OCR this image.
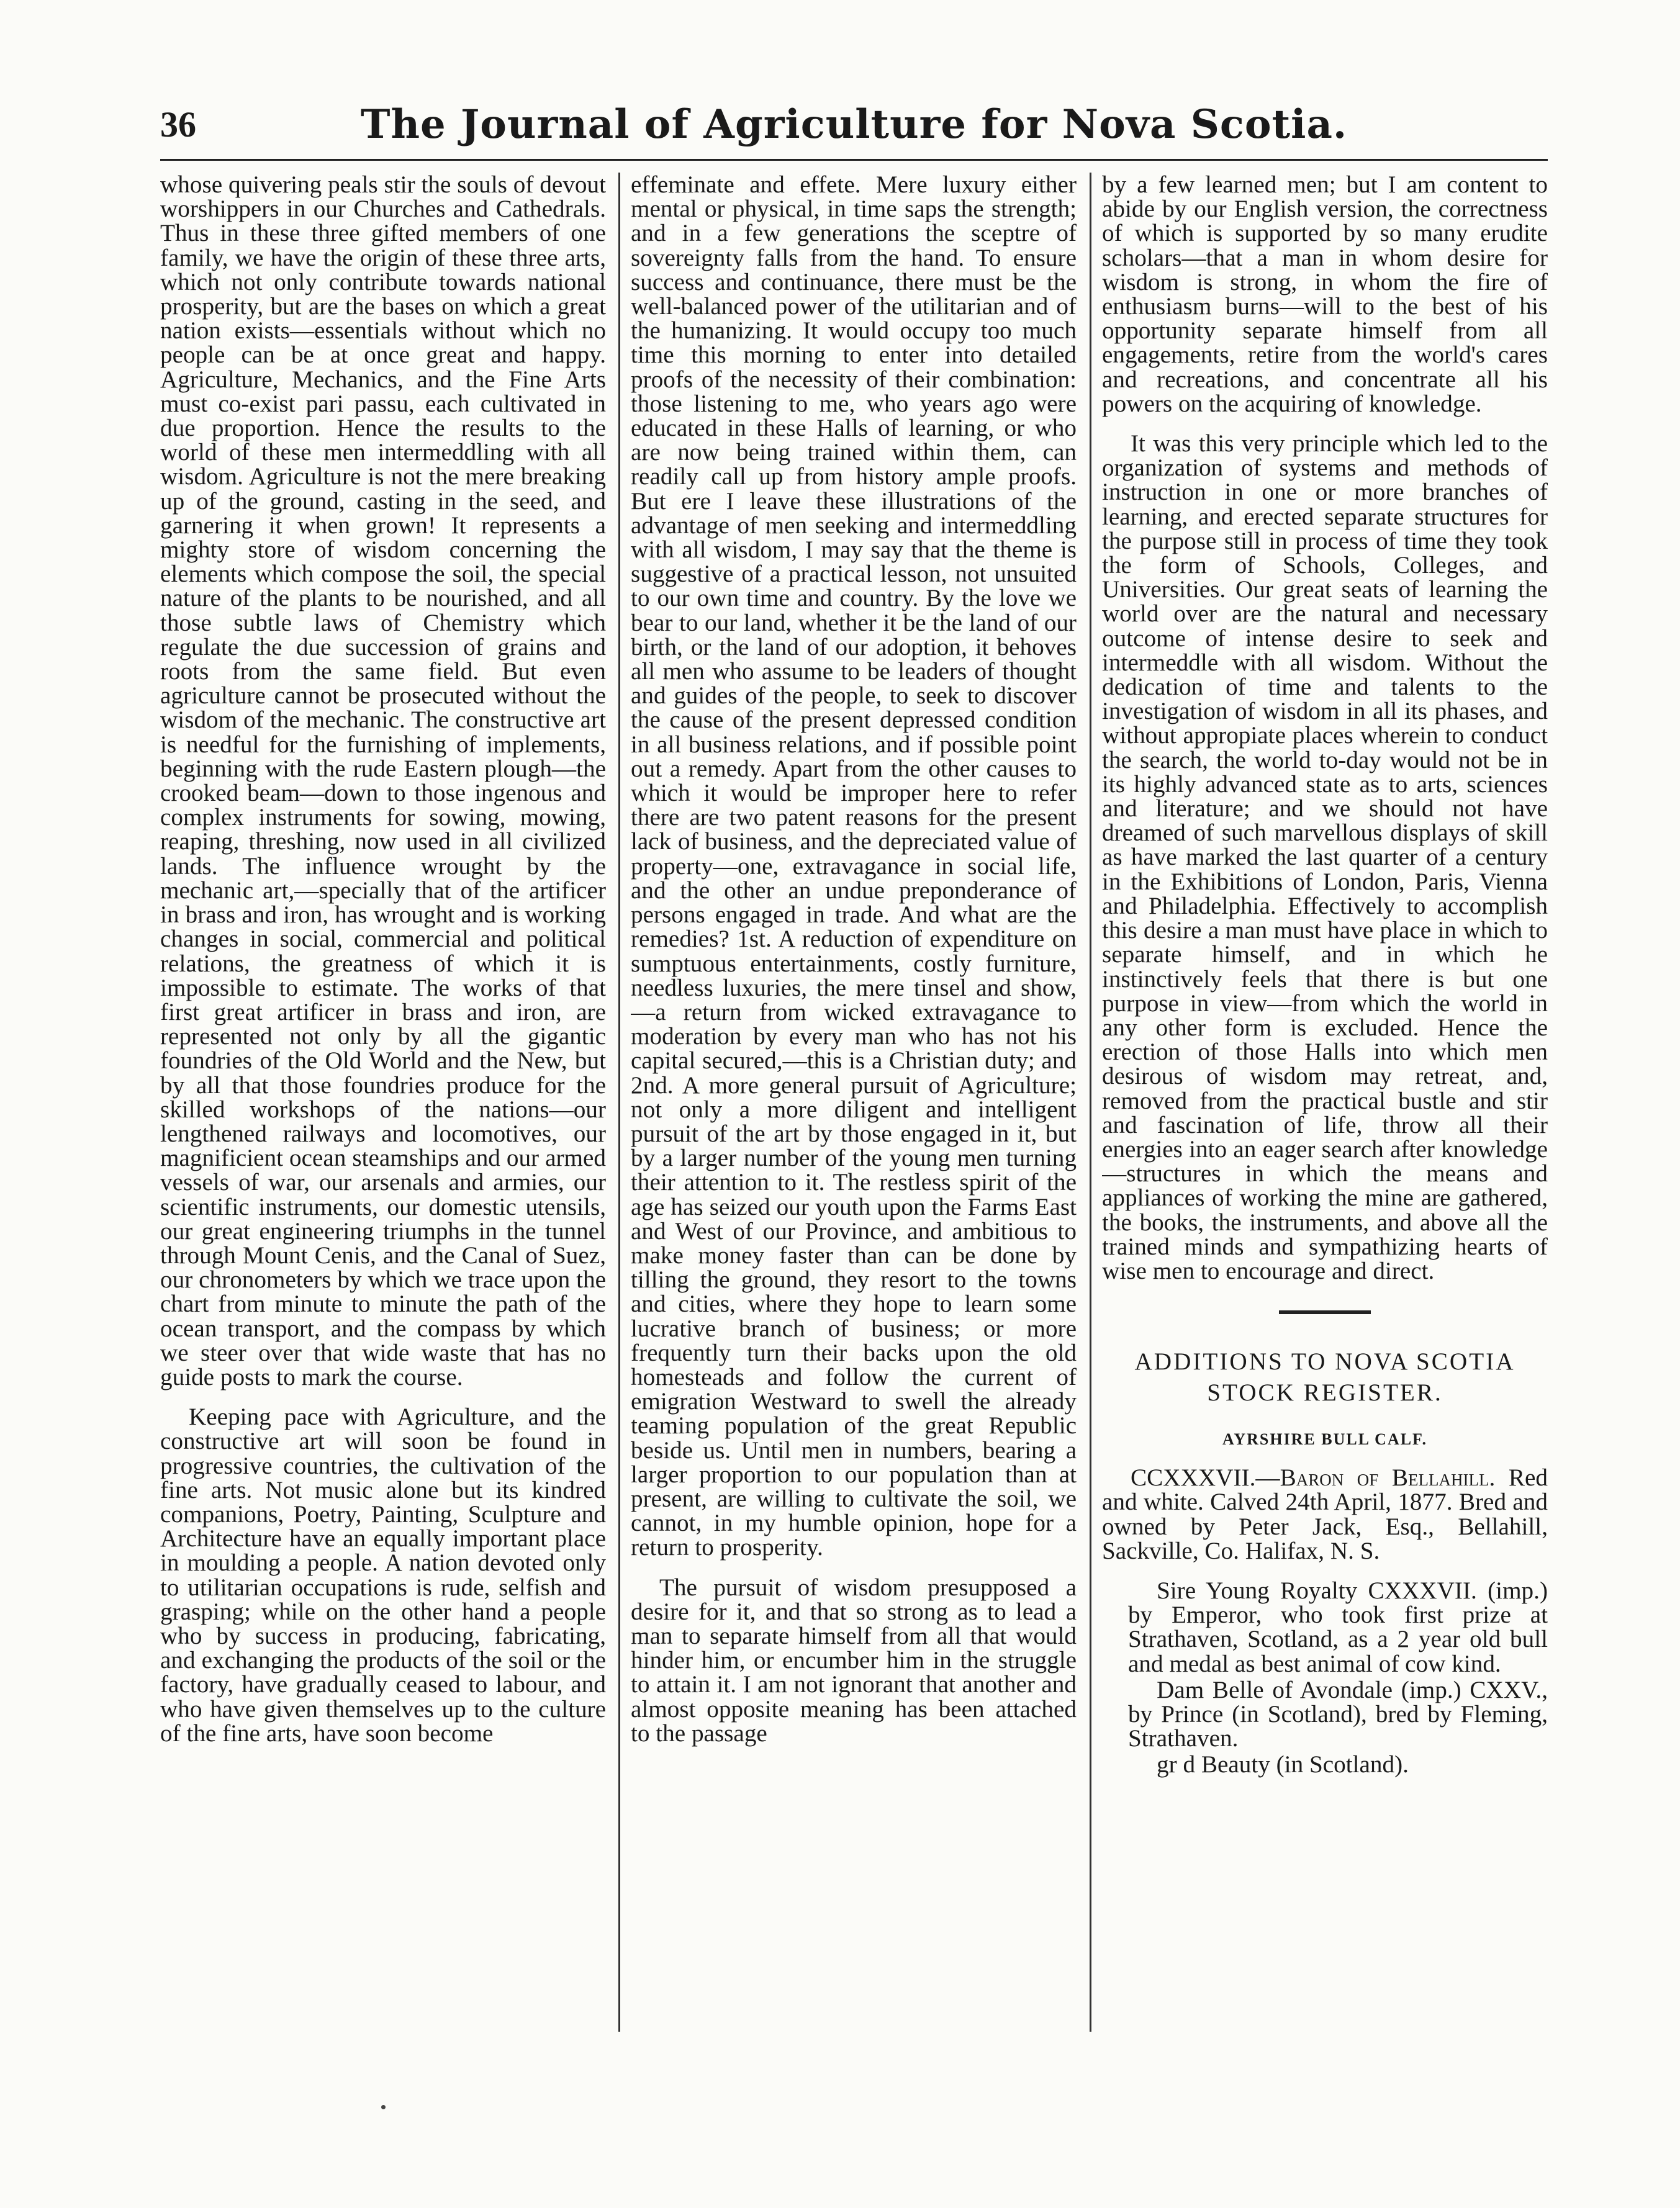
36	The Journal of Agriculture for Nova Scotia.

whose quivering peals stir the souls of devout worshippers in our Churches and Cathedrals. Thus in these three gifted members of one family, we have the origin of these three arts, which not only contribute towards national prosperity, but are the bases on which a great nation exists—essentials without which no people can be at once great and happy. Agriculture, Mechanics, and the Fine Arts must co-exist pari passu, each cultivated in due proportion. Hence the results to the world of these men intermeddling with all wisdom. Agriculture is not the mere breaking up of the ground, casting in the seed, and garnering it when grown! It represents a mighty store of wisdom concerning the elements which compose the soil, the special nature of the plants to be nourished, and all those subtle laws of Chemistry which regulate the due succession of grains and roots from the same field. But even agriculture cannot be prosecuted without the wisdom of the mechanic. The constructive art is needful for the furnishing of implements, beginning with the rude Eastern plough—the crooked beam—down to those ingenous and complex instruments for sowing, mowing, reaping, threshing, now used in all civilized lands. The influence wrought by the mechanic art,—specially that of the artificer in brass and iron, has wrought and is working changes in social, commercial and political relations, the greatness of which it is impossible to estimate. The works of that first great artificer in brass and iron, are represented not only by all the gigantic foundries of the Old World and the New, but by all that those foundries produce for the skilled workshops of the nations—our lengthened railways and locomotives, our magnificient ocean steamships and our armed vessels of war, our arsenals and armies, our scientific instruments, our domestic utensils, our great engineering triumphs in the tunnel through Mount Cenis, and the Canal of Suez, our chronometers by which we trace upon the chart from minute to minute the path of the ocean transport, and the compass by which we steer over that wide waste that has no guide posts to mark the course.

Keeping pace with Agriculture, and the constructive art will soon be found in progressive countries, the cultivation of the fine arts. Not music alone but its kindred companions, Poetry, Painting, Sculpture and Architecture have an equally important place in moulding a people. A nation devoted only to utilitarian occupations is rude, selfish and grasping; while on the other hand a people who by success in producing, fabricating, and exchanging the products of the soil or the factory, have gradually ceased to labour, and who have given themselves up to the culture of the fine arts, have soon become

effeminate and effete. Mere luxury either mental or physical, in time saps the strength; and in a few generations the sceptre of sovereignty falls from the hand. To ensure success and continuance, there must be the well-balanced power of the utilitarian and of the humanizing. It would occupy too much time this morning to enter into detailed proofs of the necessity of their combination: those listening to me, who years ago were educated in these Halls of learning, or who are now being trained within them, can readily call up from history ample proofs. But ere I leave these illustrations of the advantage of men seeking and intermeddling with all wisdom, I may say that the theme is suggestive of a practical lesson, not unsuited to our own time and country. By the love we bear to our land, whether it be the land of our birth, or the land of our adoption, it behoves all men who assume to be leaders of thought and guides of the people, to seek to discover the cause of the present depressed condition in all business relations, and if possible point out a remedy. Apart from the other causes to which it would be improper here to refer there are two patent reasons for the present lack of business, and the depreciated value of property—one, extravagance in social life, and the other an undue preponderance of persons engaged in trade. And what are the remedies? 1st. A reduction of expenditure on sumptuous entertainments, costly furniture, needless luxuries, the mere tinsel and show,—a return from wicked extravagance to moderation by every man who has not his capital secured,—this is a Christian duty; and 2nd. A more general pursuit of Agriculture; not only a more diligent and intelligent pursuit of the art by those engaged in it, but by a larger number of the young men turning their attention to it. The restless spirit of the age has seized our youth upon the Farms East and West of our Province, and ambitious to make money faster than can be done by tilling the ground, they resort to the towns and cities, where they hope to learn some lucrative branch of business; or more frequently turn their backs upon the old homesteads and follow the current of emigration Westward to swell the already teaming population of the great Republic beside us. Until men in numbers, bearing a larger proportion to our population than at present, are willing to cultivate the soil, we cannot, in my humble opinion, hope for a return to prosperity.

The pursuit of wisdom presupposed a desire for it, and that so strong as to lead a man to separate himself from all that would hinder him, or encumber him in the struggle to attain it. I am not ignorant that another and almost opposite meaning has been attached to the passage

by a few learned men; but I am content to abide by our English version, the correctness of which is supported by so many erudite scholars—that a man in whom desire for wisdom is strong, in whom the fire of enthusiasm burns—will to the best of his opportunity separate himself from all engagements, retire from the world's cares and recreations, and concentrate all his powers on the acquiring of knowledge.

It was this very principle which led to the organization of systems and methods of instruction in one or more branches of learning, and erected separate structures for the purpose still in process of time they took the form of Schools, Colleges, and Universities. Our great seats of learning the world over are the natural and necessary outcome of intense desire to seek and intermeddle with all wisdom. Without the dedication of time and talents to the investigation of wisdom in all its phases, and without appropiate places wherein to conduct the search, the world to-day would not be in its highly advanced state as to arts, sciences and literature; and we should not have dreamed of such marvellous displays of skill as have marked the last quarter of a century in the Exhibitions of London, Paris, Vienna and Philadelphia. Effectively to accomplish this desire a man must have place in which to separate himself, and in which he instinctively feels that there is but one purpose in view—from which the world in any other form is excluded. Hence the erection of those Halls into which men desirous of wisdom may retreat, and, removed from the practical bustle and stir and fascination of life, throw all their energies into an eager search after knowledge—structures in which the means and appliances of working the mine are gathered, the books, the instruments, and above all the trained minds and sympathizing hearts of wise men to encourage and direct.

ADDITIONS TO NOVA SCOTIA STOCK REGISTER.
AYRSHIRE BULL CALF.

CCXXXVII.—Baron of Bellahill. Red and white. Calved 24th April, 1877. Bred and owned by Peter Jack, Esq., Bellahill, Sackville, Co. Halifax, N. S.

Sire Young Royalty CXXXVII. (imp.) by Emperor, who took first prize at Strathaven, Scotland, as a 2 year old bull and medal as best animal of cow kind.

Dam Belle of Avondale (imp.) CXXV., by Prince (in Scotland), bred by Fleming, Strathaven.

gr d Beauty (in Scotland).
